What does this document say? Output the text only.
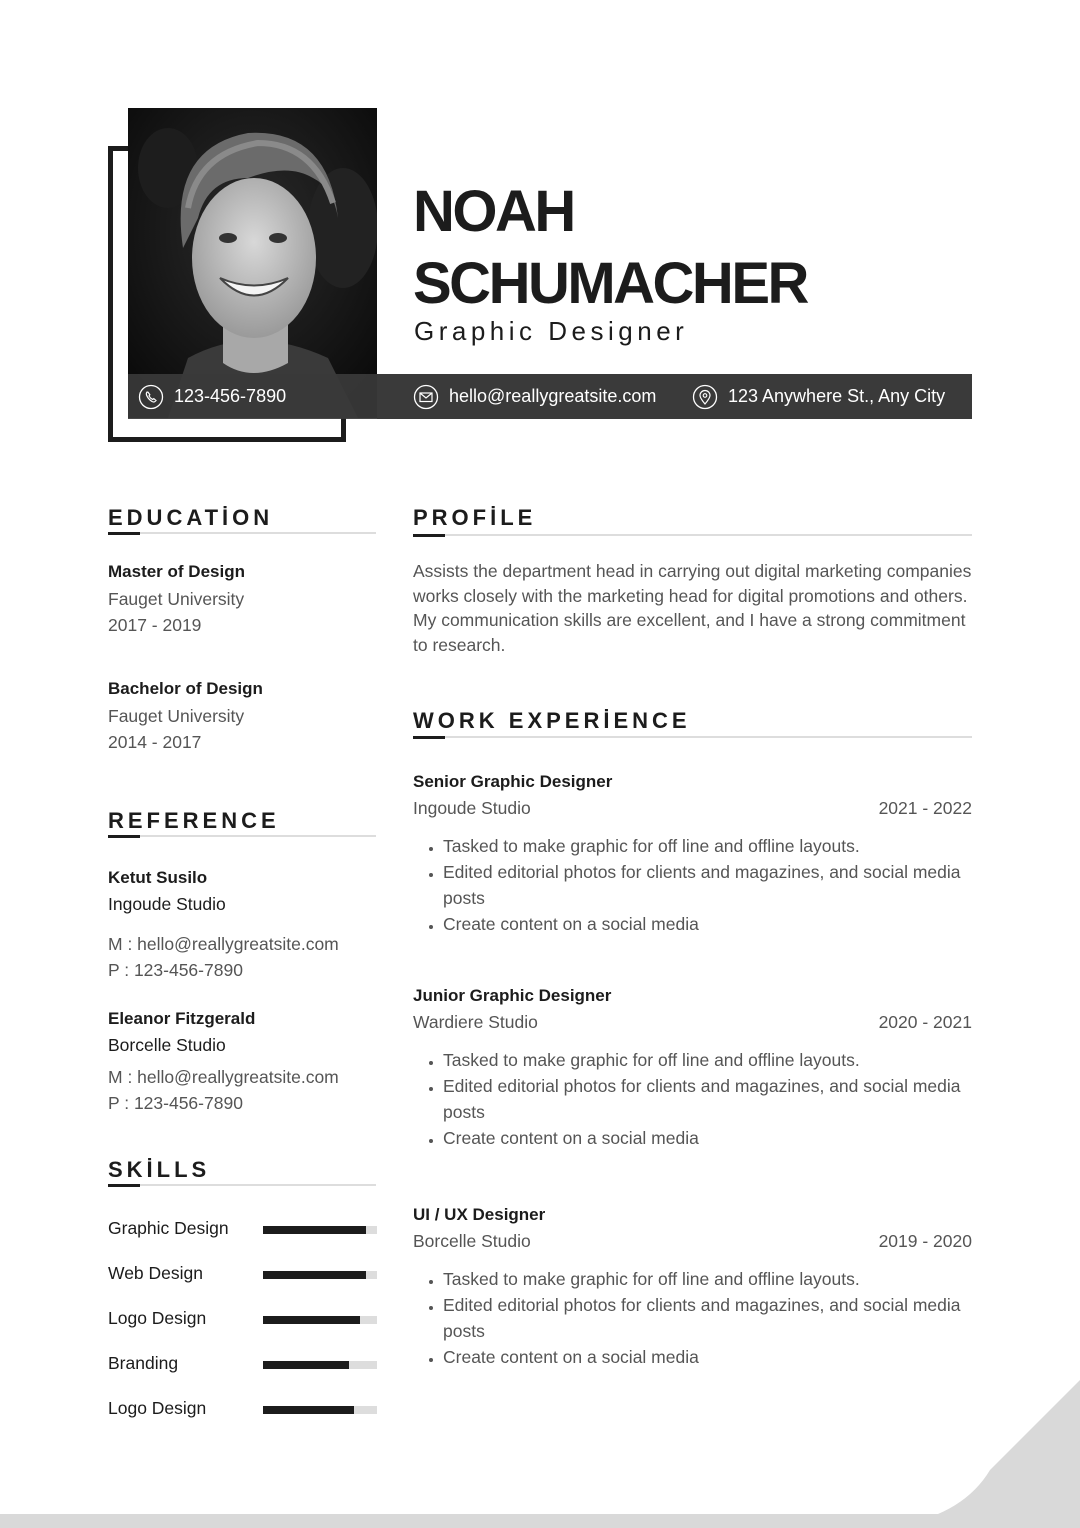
NOAH
SCHUMACHER
Graphic Designer
123-456-7890	hello@reallygreatsite.com	123 Anywhere St., Any City
EDUCATİON
Master of Design
Fauget University
2017 - 2019
Bachelor of Design
Fauget University
2014 - 2017
REFERENCE
Ketut Susilo
Ingoude Studio
M : hello@reallygreatsite.com
P : 123-456-7890
Eleanor Fitzgerald
Borcelle Studio
M : hello@reallygreatsite.com
P : 123-456-7890
SKİLLS
Graphic Design
Web Design
Logo Design
Branding
Logo Design
PROFİLE
Assists the department head in carrying out digital marketing companies works closely with the marketing head for digital promotions and others. My communication skills are excellent, and I have a strong commitment to research.
WORK EXPERİENCE
Senior Graphic Designer
Ingoude Studio	2021 - 2022
• Tasked to make graphic for off line and offline layouts.
• Edited editorial photos for clients and magazines, and social media posts
• Create content on a social media
Junior Graphic Designer
Wardiere Studio	2020 - 2021
• Tasked to make graphic for off line and offline layouts.
• Edited editorial photos for clients and magazines, and social media posts
• Create content on a social media
UI / UX Designer
Borcelle Studio	2019 - 2020
• Tasked to make graphic for off line and offline layouts.
• Edited editorial photos for clients and magazines, and social media posts
• Create content on a social media
